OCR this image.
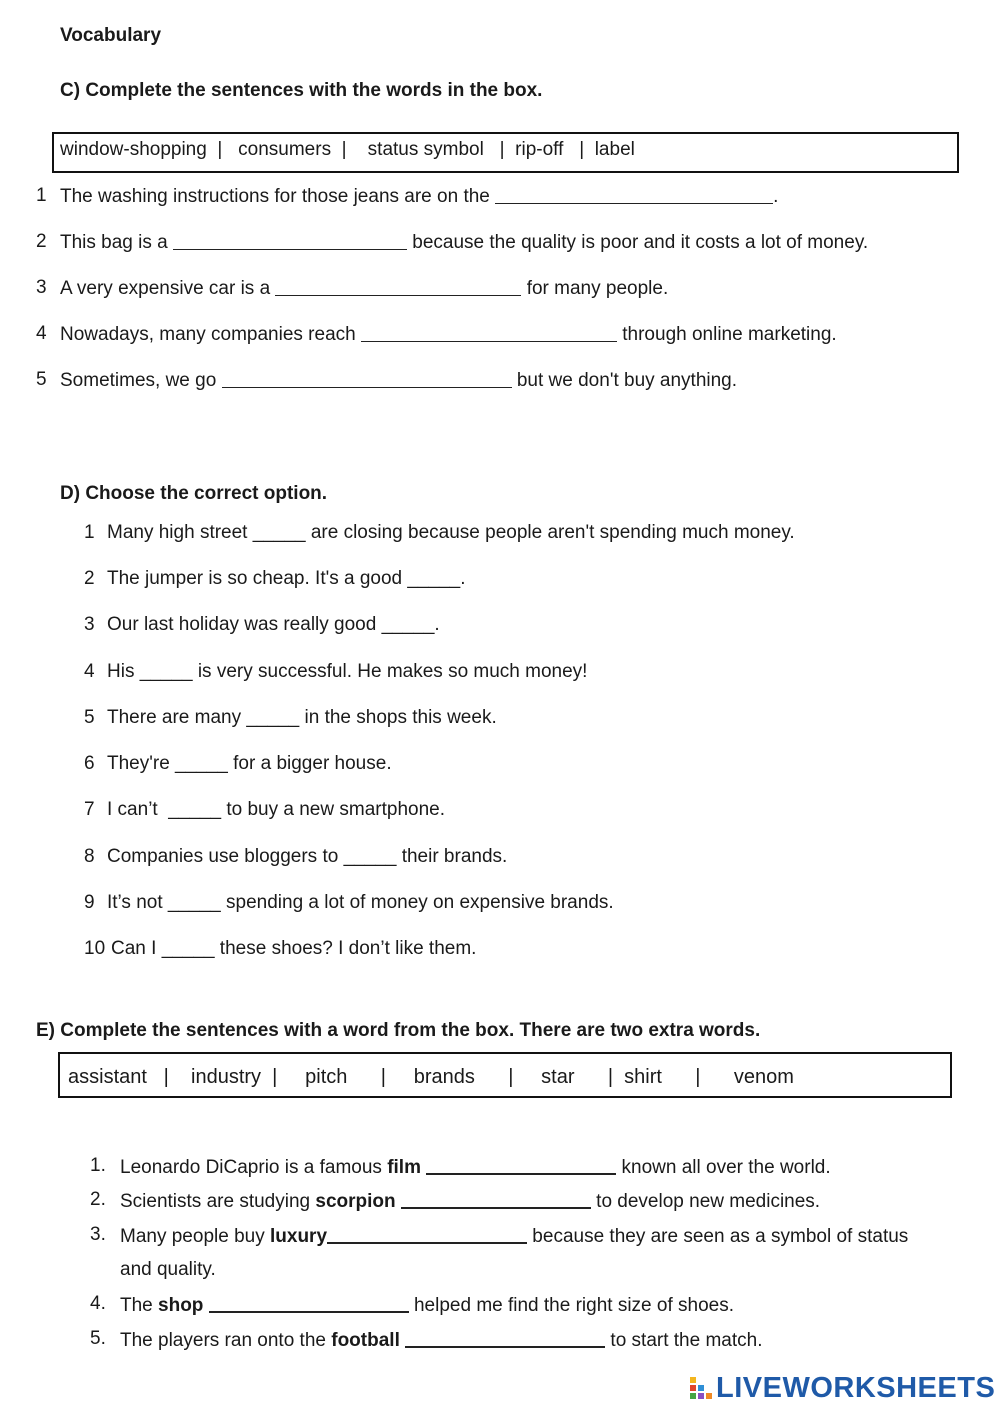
Vocabulary
C) Complete the sentences with the words in the box.
window-shopping  |   consumers  |    status symbol   |  rip-off   |  label
1 The washing instructions for those jeans are on the	.
2 This bag is a	because the quality is poor and it costs a lot of money.
3 A very expensive car is a	for many people.
4 Nowadays, many companies reach	through online marketing.
5 Sometimes, we go	but we don't buy anything.
D) Choose the correct option.
1 Many high street _____ are closing because people aren't spending much money.
2 The jumper is so cheap. It's a good _____.
3 Our last holiday was really good _____.
4 His _____ is very successful. He makes so much money!
5 There are many _____ in the shops this week.
6 They're _____ for a bigger house.
7 I can’t  _____ to buy a new smartphone.
8 Companies use bloggers to _____ their brands.
9 It’s not _____ spending a lot of money on expensive brands.
10 Can I _____ these shoes? I don’t like them.
E) Complete the sentences with a word from the box. There are two extra words.
assistant   |    industry  |     pitch      |     brands      |     star      |  shirt      |      venom
1. Leonardo DiCaprio is a famous film	known all over the world.
2. Scientists are studying scorpion	to develop new medicines.
3. Many people buy luxury	because they are seen as a symbol of status
and quality.
4. The shop	helped me find the right size of shoes.
5. The players ran onto the football	to start the match.
LIVEWORKSHEETS
